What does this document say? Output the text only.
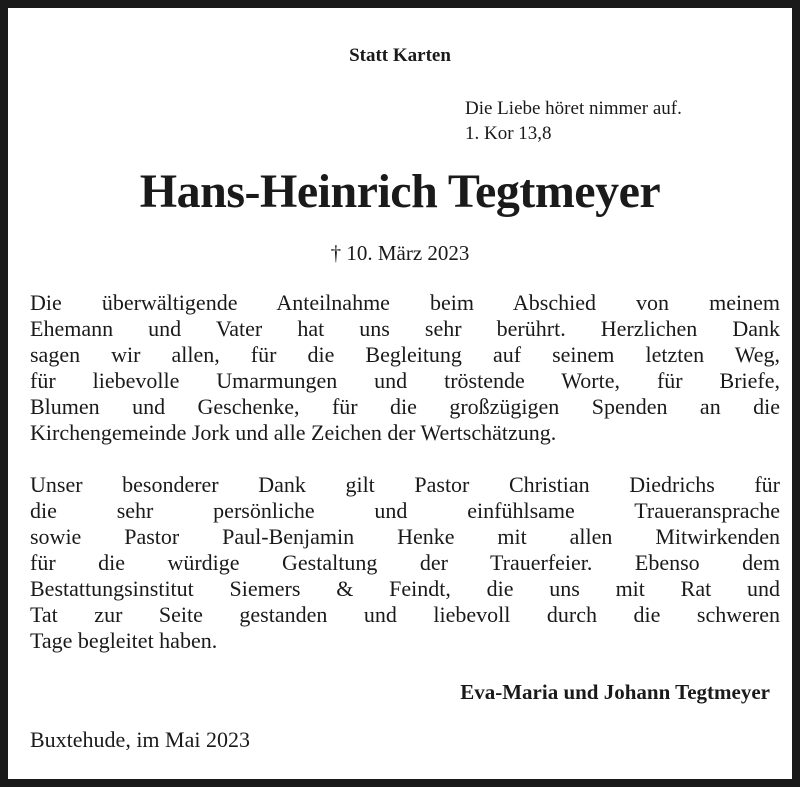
Statt Karten
Die Liebe höret nimmer auf.
1. Kor 13,8
Hans-Heinrich Tegtmeyer
† 10. März 2023
Die überwältigende Anteilnahme beim Abschied von meinem
Ehemann und Vater hat uns sehr berührt. Herzlichen Dank
sagen wir allen, für die Begleitung auf seinem letzten Weg,
für liebevolle Umarmungen und tröstende Worte, für Briefe,
Blumen und Geschenke, für die großzügigen Spenden an die
Kirchengemeinde Jork und alle Zeichen der Wertschätzung.
Unser besonderer Dank gilt Pastor Christian Diedrichs für
die sehr persönliche und einfühlsame Traueransprache
sowie Pastor Paul-Benjamin Henke mit allen Mitwirkenden
für die würdige Gestaltung der Trauerfeier. Ebenso dem
Bestattungsinstitut Siemers & Feindt, die uns mit Rat und
Tat zur Seite gestanden und liebevoll durch die schweren
Tage begleitet haben.
Eva-Maria und Johann Tegtmeyer
Buxtehude, im Mai 2023
